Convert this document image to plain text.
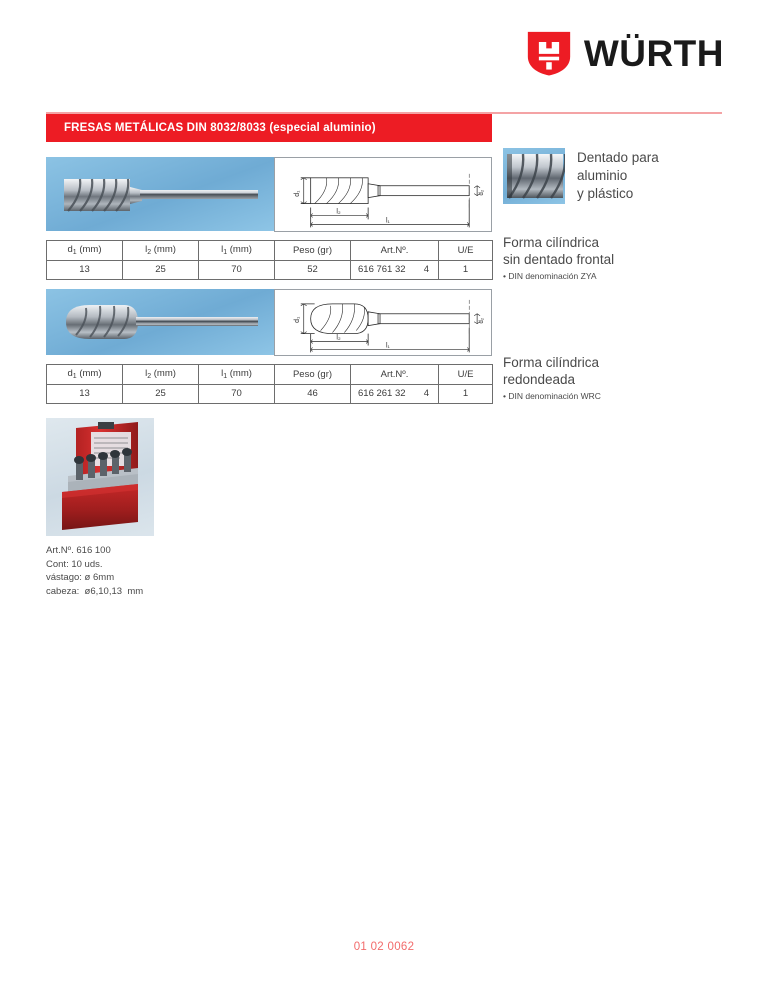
WÜRTH
FRESAS METÁLICAS DIN 8032/8033 (especial aluminio)
d₁	d₂
l₂
l₁
$d_1$ (mm)	$l_2$ (mm)	$l_1$ (mm)	Peso (gr)	Art.Nº.	U/E
13	25	70	52	616 761 32 4	1
d₁	d₂
l₂
l₁
$d_1$ (mm)	$l_2$ (mm)	$l_1$ (mm)	Peso (gr)	Art.Nº.	U/E
13	25	70	46	616 261 32 4	1
Dentado para
aluminio
y plástico
Forma cilíndrica
sin dentado frontal
• DIN denominación ZYA
Forma cilíndrica
redondeada
• DIN denominación WRC
Art.Nº. 616 100
Cont: 10 uds.
vástago: ø 6mm
cabeza:  ø6,10,13  mm
01 02 0062
